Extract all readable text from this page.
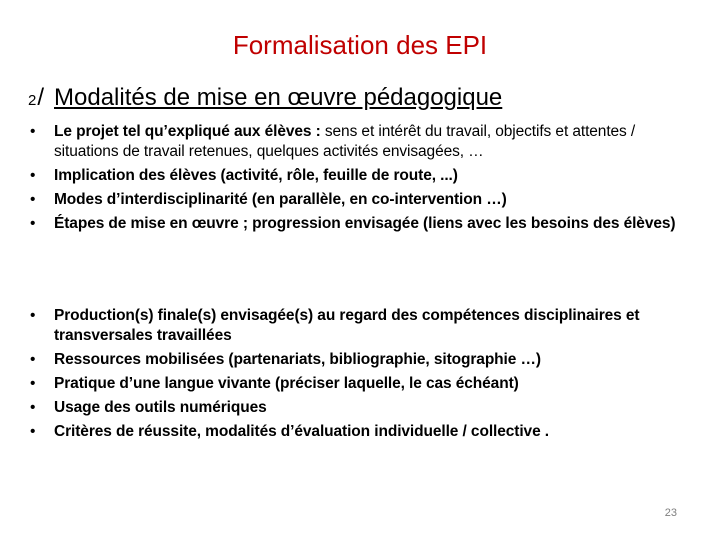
Formalisation des EPI
2/ Modalités de mise en œuvre pédagogique
• Le projet tel qu’expliqué aux élèves : sens et intérêt du travail, objectifs et attentes / situations de travail retenues, quelques activités envisagées, …
• Implication des élèves (activité, rôle, feuille de route, ...)
• Modes d’interdisciplinarité (en parallèle, en co-intervention …)
• Étapes de mise en œuvre ; progression envisagée (liens avec les besoins des élèves)
• Production(s) finale(s) envisagée(s) au regard des compétences disciplinaires et transversales travaillées
• Ressources mobilisées (partenariats, bibliographie, sitographie …)
• Pratique d’une langue vivante (préciser laquelle, le cas échéant)
• Usage des outils numériques
• Critères de réussite, modalités d’évaluation individuelle / collective .
23
